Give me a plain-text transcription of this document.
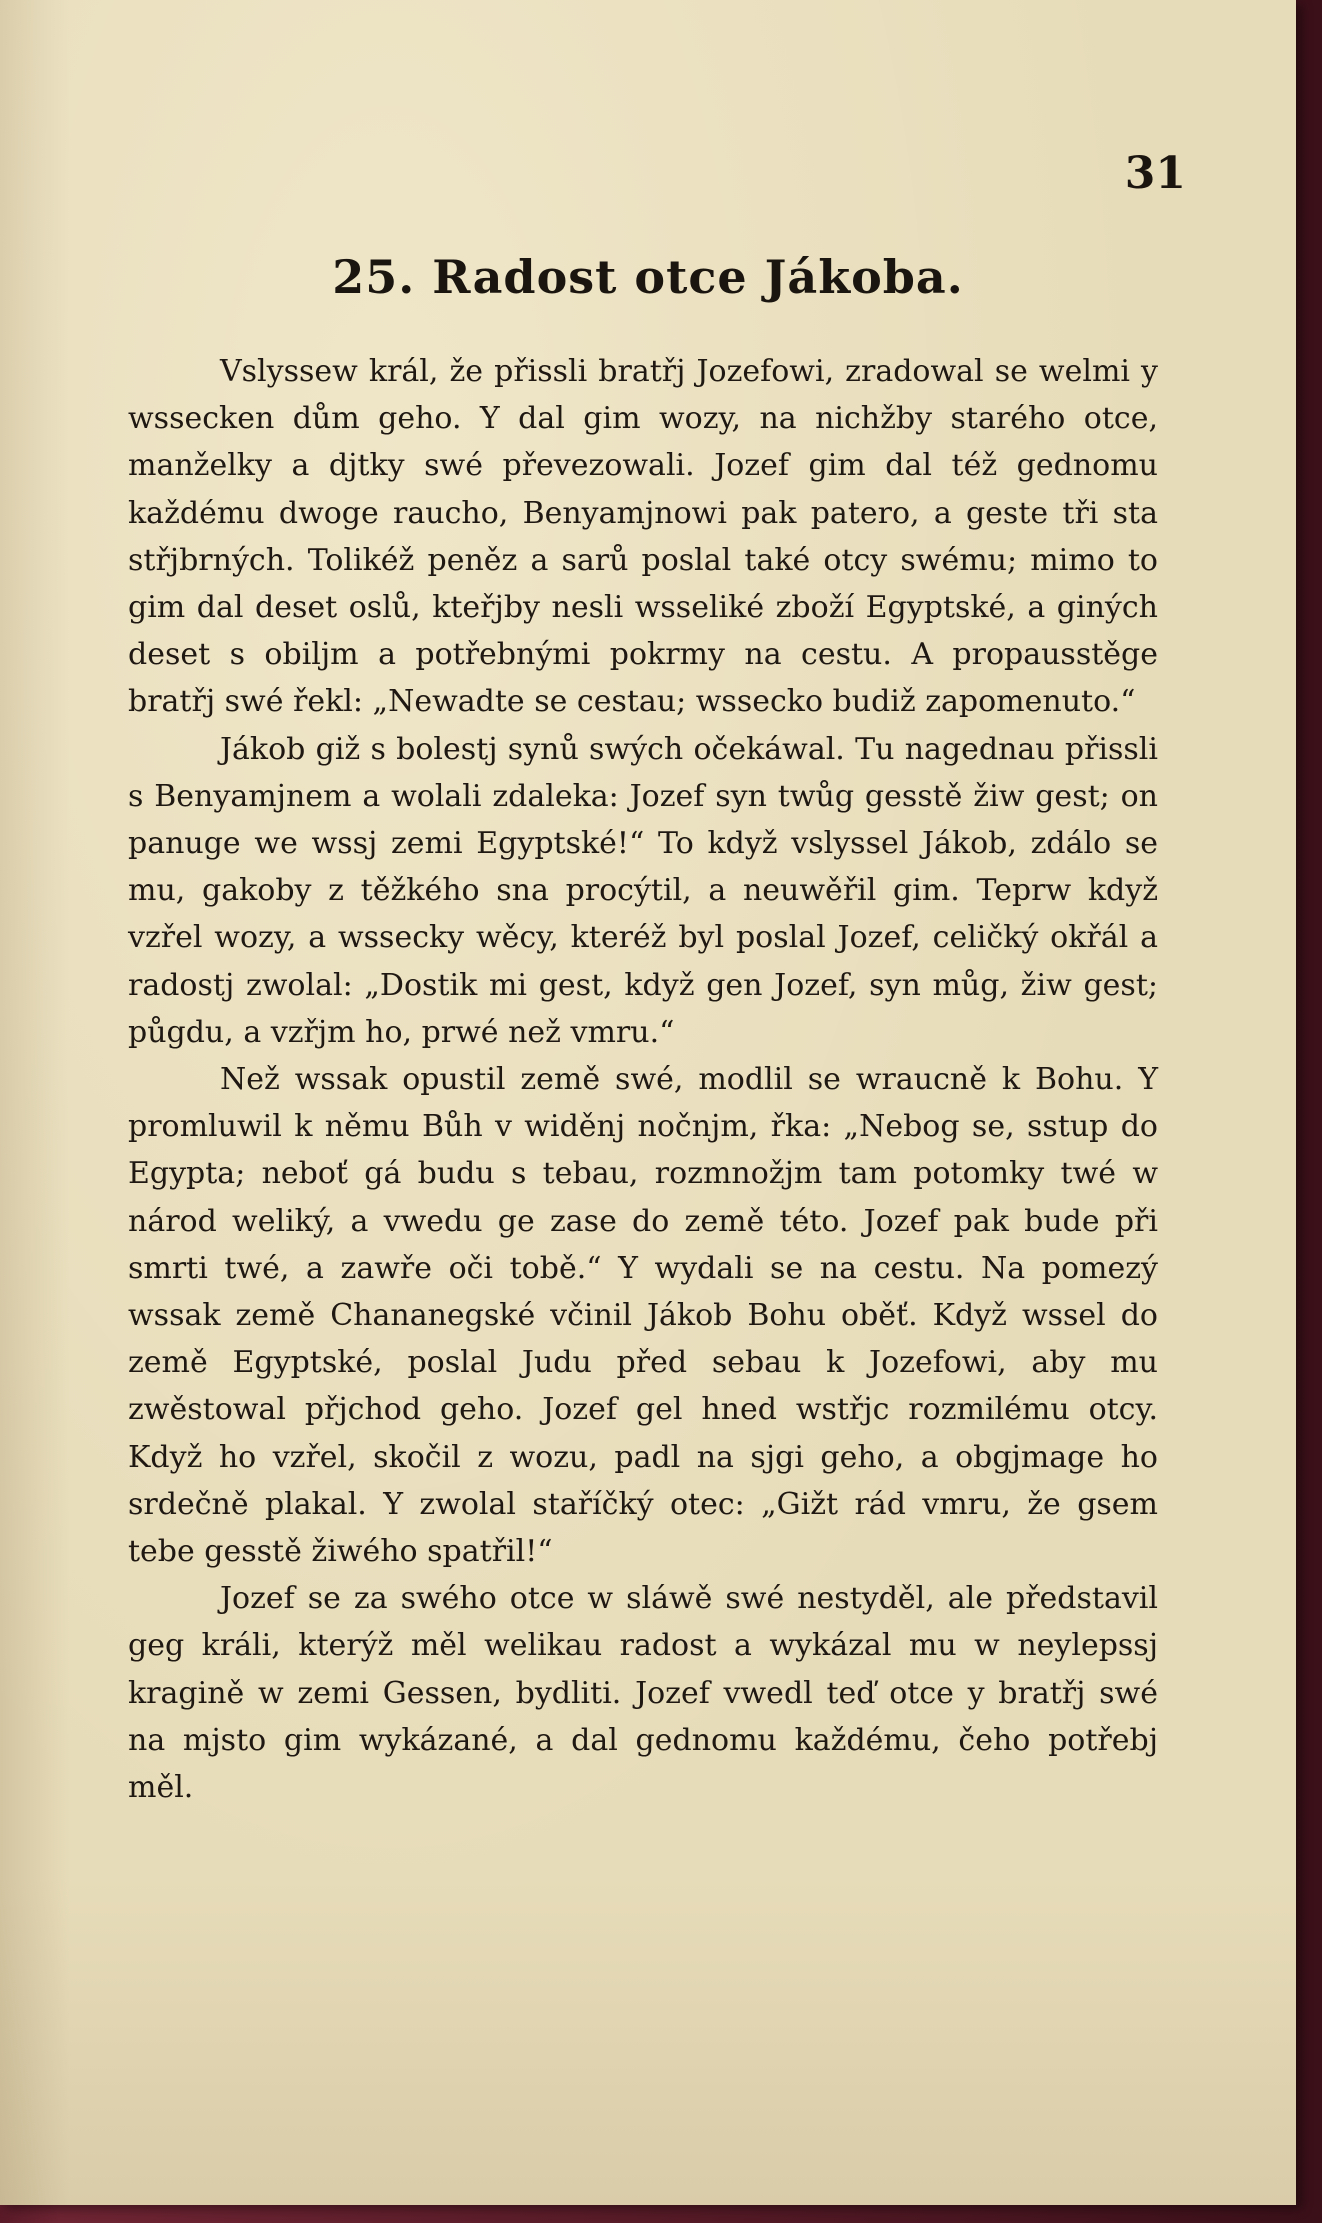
31

25. Radost otce Jákoba.

Vslyssew král, že přissli bratřj Jozefowi, zradowal se welmi y wssecken dům geho. Y dal gim wozy, na nichžby starého otce, manželky a djtky swé převezowali. Jozef gim dal též gednomu každému dwoge raucho, Benyamjnowi pak patero, a geste tři sta střjbrných. Tolikéž peněz a sarů poslal také otcy swému; mimo to gim dal deset oslů, kteřjby nesli wsseliké zboží Egyptské, a giných deset s obiljm a potřebnými pokrmy na cestu. A propausstěge bratřj swé řekl: „Newadte se cestau; wssecko budiž zapomenuto.“

Jákob giž s bolestj synů swých očekáwal. Tu nagednau přissli s Benyamjnem a wolali zdaleka: Jozef syn twůg gesstě žiw gest; on panuge we wssj zemi Egyptské!“ To když vslyssel Jákob, zdálo se mu, gakoby z těžkého sna procýtil, a neuwěřil gim. Teprw když vzřel wozy, a wssecky wěcy, kteréž byl poslal Jozef, celičký okřál a radostj zwolal: „Dostik mi gest, když gen Jozef, syn můg, žiw gest; půgdu, a vzřjm ho, prwé než vmru.“

Než wssak opustil země swé, modlil se wraucně k Bohu. Y promluwil k němu Bůh v widěnj nočnjm, řka: „Nebog se, sstup do Egypta; neboť gá budu s tebau, rozmnožjm tam potomky twé w národ weliký, a vwedu ge zase do země této. Jozef pak bude při smrti twé, a zawře oči tobě.“ Y wydali se na cestu. Na pomezý wssak země Chananegské včinil Jákob Bohu oběť. Když wssel do země Egyptské, poslal Judu před sebau k Jozefowi, aby mu zwěstowal přjchod geho. Jozef gel hned wstřjc rozmilému otcy. Když ho vzřel, skočil z wozu, padl na sjgi geho, a obgjmage ho srdečně plakal. Y zwolal staříčký otec: „Gižt rád vmru, že gsem tebe gesstě žiwého spatřil!“

Jozef se za swého otce w sláwě swé nestyděl, ale představil geg králi, kterýž měl welikau radost a wykázal mu w neylepssj kragině w zemi Gessen, bydliti. Jozef vwedl teď otce y bratřj swé na mjsto gim wykázané, a dal gednomu každému, čeho potřebj měl.
